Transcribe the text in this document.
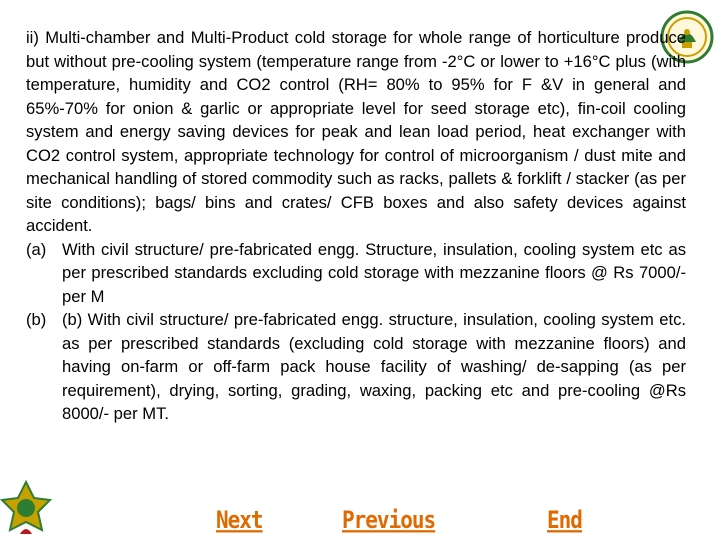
ii) Multi-chamber and Multi-Product cold storage for whole range of horticulture produce but without pre-cooling system (temperature range from -2°C or lower to +16°C plus (with temperature, humidity and CO2 control (RH= 80% to 95% for F &V in general and 65%-70% for onion & garlic or appropriate level for seed storage etc), fin-coil cooling system and energy saving devices for peak and lean load period, heat exchanger with CO2 control system, appropriate technology for control of microorganism / dust mite and mechanical handling of stored commodity such as racks, pallets & forklift / stacker (as per site conditions); bags/ bins and crates/ CFB boxes and also safety devices against accident.

(a) With civil structure/ pre-fabricated engg. Structure, insulation, cooling system etc as per prescribed standards excluding cold storage with mezzanine floors @ Rs 7000/- per M
(b) (b) With civil structure/ pre-fabricated engg. structure, insulation, cooling system etc. as per prescribed standards (excluding cold storage with mezzanine floors) and having on-farm or off-farm pack house facility of washing/ de-sapping (as per requirement), drying, sorting, grading, waxing, packing etc and pre-cooling @Rs 8000/- per MT.
Next	Previous	End
